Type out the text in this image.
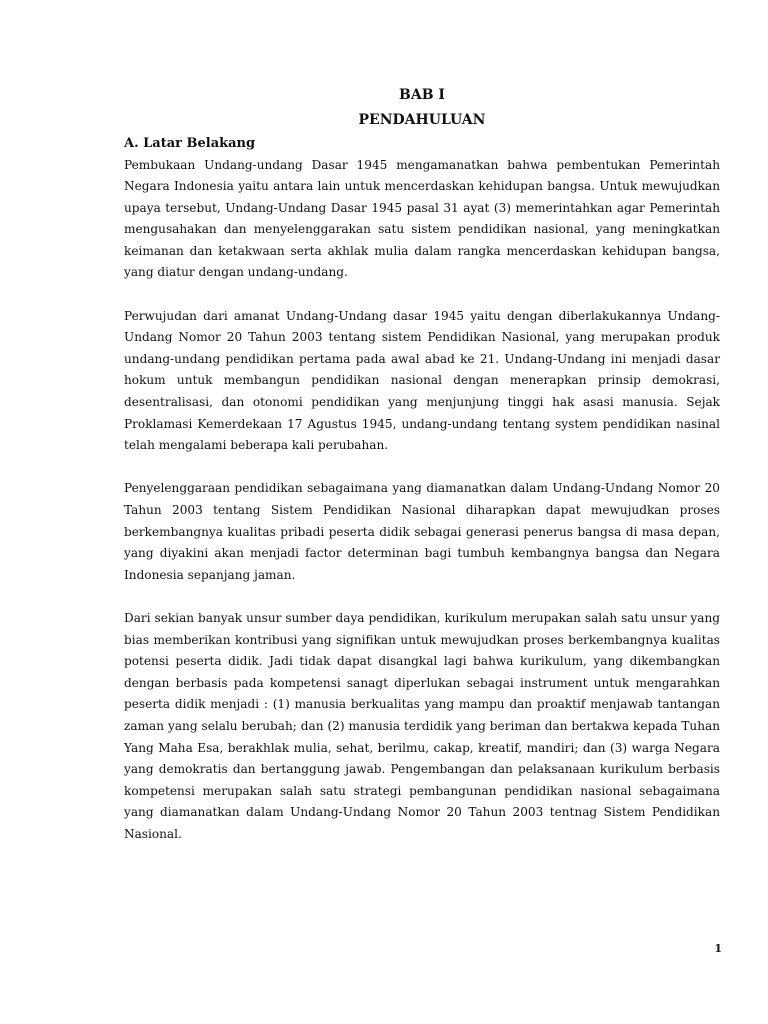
BAB I
PENDAHULUAN
A. Latar Belakang

Pembukaan Undang-undang Dasar 1945 mengamanatkan bahwa pembentukan Pemerintah Negara Indonesia yaitu antara lain untuk mencerdaskan kehidupan bangsa. Untuk mewujudkan upaya tersebut, Undang-Undang Dasar 1945 pasal 31 ayat (3) memerintahkan agar Pemerintah mengusahakan dan menyelenggarakan satu sistem pendidikan nasional, yang meningkatkan keimanan dan ketakwaan serta akhlak mulia dalam rangka mencerdaskan kehidupan bangsa, yang diatur dengan undang-undang.

Perwujudan dari amanat Undang-Undang dasar 1945 yaitu dengan diberlakukannya Undang-Undang Nomor 20 Tahun 2003 tentang sistem Pendidikan Nasional, yang merupakan produk undang-undang pendidikan pertama pada awal abad ke 21. Undang-Undang ini menjadi dasar hokum untuk membangun pendidikan nasional dengan menerapkan prinsip demokrasi, desentralisasi, dan otonomi pendidikan yang menjunjung tinggi hak asasi manusia. Sejak Proklamasi Kemerdekaan 17 Agustus 1945, undang-undang tentang system pendidikan nasinal telah mengalami beberapa kali perubahan.

Penyelenggaraan pendidikan sebagaimana yang diamanatkan dalam Undang-Undang Nomor 20 Tahun 2003 tentang Sistem Pendidikan Nasional diharapkan dapat mewujudkan proses berkembangnya kualitas pribadi peserta didik sebagai generasi penerus bangsa di masa depan, yang diyakini akan menjadi factor determinan bagi tumbuh kembangnya bangsa dan Negara Indonesia sepanjang jaman.

Dari sekian banyak unsur sumber daya pendidikan, kurikulum merupakan salah satu unsur yang bias memberikan kontribusi yang signifikan untuk mewujudkan proses berkembangnya kualitas potensi peserta didik. Jadi tidak dapat disangkal lagi bahwa kurikulum, yang dikembangkan dengan berbasis pada kompetensi sanagt diperlukan sebagai instrument untuk mengarahkan peserta didik menjadi : (1) manusia berkualitas yang mampu dan proaktif menjawab tantangan zaman yang selalu berubah; dan (2) manusia terdidik yang beriman dan bertakwa kepada Tuhan Yang Maha Esa, berakhlak mulia, sehat, berilmu, cakap, kreatif, mandiri; dan (3) warga Negara yang demokratis dan bertanggung jawab. Pengembangan dan pelaksanaan kurikulum berbasis kompetensi merupakan salah satu strategi pembangunan pendidikan nasional sebagaimana yang diamanatkan dalam Undang-Undang Nomor 20 Tahun 2003 tentnag Sistem Pendidikan Nasional.

1
